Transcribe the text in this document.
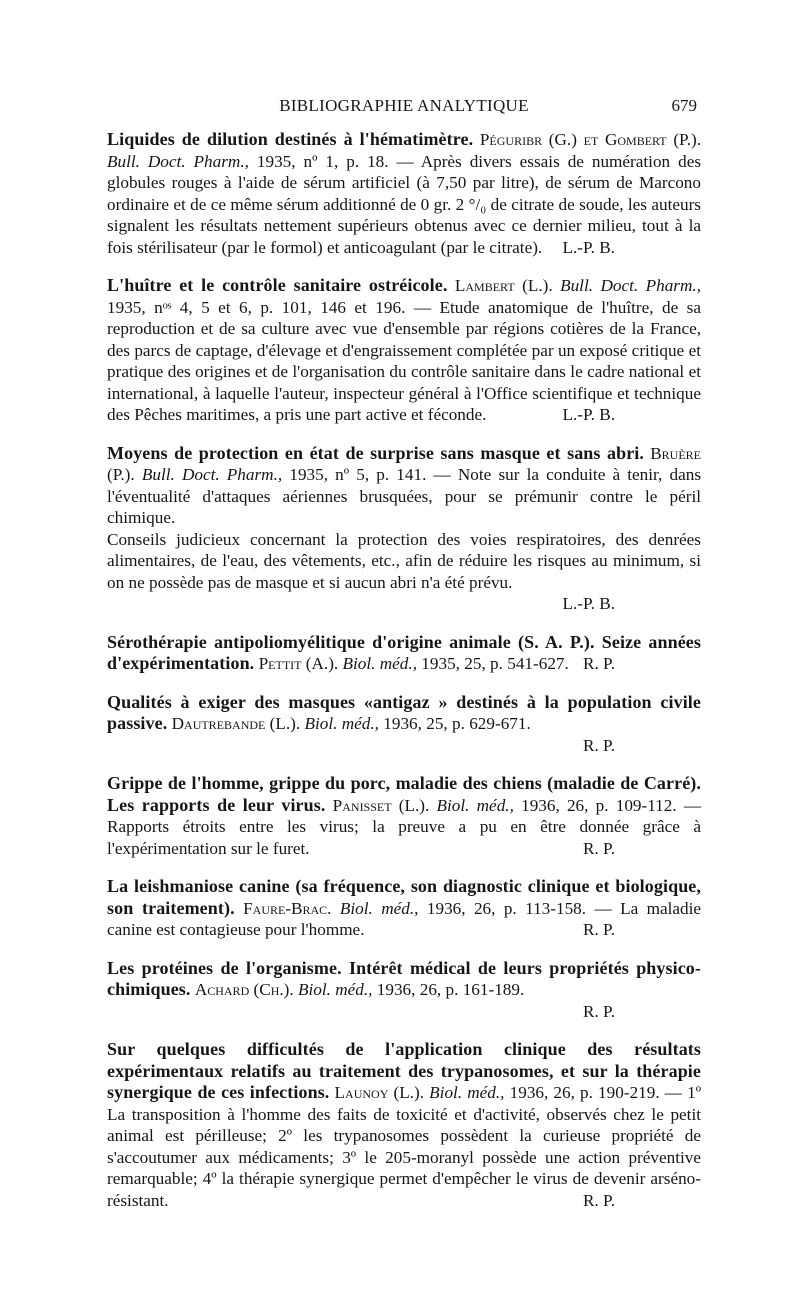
BIBLIOGRAPHIE ANALYTIQUE	679

Liquides de dilution destinés à l'hématimètre. Péguribr (G.) et Gombert (P.). Bull. Doct. Pharm., 1935, nº 1, p. 18. — Après divers essais de numération des globules rouges à l'aide de sérum artificiel (à 7,50 par litre), de sérum de Marcono ordinaire et de ce même sérum additionné de 0 gr. 2 °/₀ de citrate de soude, les auteurs signalent les résultats nettement supérieurs obtenus avec ce dernier milieu, tout à la fois stérilisateur (par le formol) et anticoagulant (par le citrate). L.-P. B.

L'huître et le contrôle sanitaire ostréicole. Lambert (L.). Bull. Doct. Pharm., 1935, nᵒˢ 4, 5 et 6, p. 101, 146 et 196. — Etude anatomique de l'huître, de sa reproduction et de sa culture avec vue d'ensemble par régions cotières de la France, des parcs de captage, d'élevage et d'engraissement complétée par un exposé critique et pratique des origines et de l'organisation du contrôle sanitaire dans le cadre national et international, à laquelle l'auteur, inspecteur général à l'Office scientifique et technique des Pêches maritimes, a pris une part active et féconde.	L.-P. B.

Moyens de protection en état de surprise sans masque et sans abri. Bruère (P.). Bull. Doct. Pharm., 1935, nº 5, p. 141. — Note sur la conduite à tenir, dans l'éventualité d'attaques aériennes brusquées, pour se prémunir contre le péril chimique.

Conseils judicieux concernant la protection des voies respiratoires, des denrées alimentaires, de l'eau, des vêtements, etc., afin de réduire les risques au minimum, si on ne possède pas de masque et si aucun abri n'a été prévu.

L.-P. B.

Sérothérapie antipoliomyélitique d'origine animale (S. A. P.). Seize années d'expérimentation. Pettit (A.). Biol. méd., 1935, 25, p. 541-627. R. P.

Qualités à exiger des masques «antigaz » destinés à la population civile passive. Dautrebande (L.). Biol. méd., 1936, 25, p. 629-671.

R. P.

Grippe de l'homme, grippe du porc, maladie des chiens (maladie de Carré). Les rapports de leur virus. Panisset (L.). Biol. méd., 1936, 26, p. 109-112. — Rapports étroits entre les virus; la preuve a pu en être donnée grâce à l'expérimentation sur le furet.	R. P.

La leishmaniose canine (sa fréquence, son diagnostic clinique et biologique, son traitement). Faure-Brac. Biol. méd., 1936, 26, p. 113-158. — La maladie canine est contagieuse pour l'homme.	R. P.

Les protéines de l'organisme. Intérêt médical de leurs propriétés physico-chimiques. Achard (Ch.). Biol. méd., 1936, 26, p. 161-189.

R. P.

Sur quelques difficultés de l'application clinique des résultats expérimentaux relatifs au traitement des trypanosomes, et sur la thérapie synergique de ces infections. Launoy (L.). Biol. méd., 1936, 26, p. 190-219. — 1º La transposition à l'homme des faits de toxicité et d'activité, observés chez le petit animal est périlleuse; 2º les trypanosomes possèdent la curieuse propriété de s'accoutumer aux médicaments; 3º le 205-moranyl possède une action préventive remarquable; 4º la thérapie synergique permet d'empêcher le virus de devenir arséno-résistant.	R. P.
